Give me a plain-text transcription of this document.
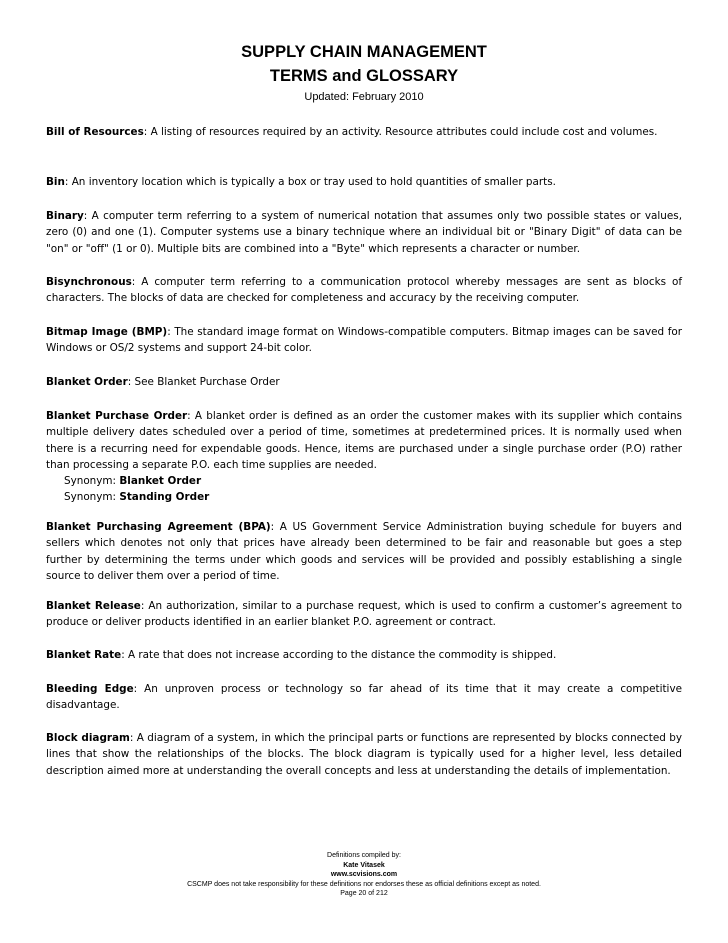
SUPPLY CHAIN MANAGEMENT
TERMS and GLOSSARY
Updated: February 2010
Bill of Resources: A listing of resources required by an activity. Resource attributes could include cost and volumes.
Bin: An inventory location which is typically a box or tray used to hold quantities of smaller parts.
Binary: A computer term referring to a system of numerical notation that assumes only two possible states or values, zero (0) and one (1). Computer systems use a binary technique where an individual bit or "Binary Digit" of data can be "on" or "off" (1 or 0). Multiple bits are combined into a "Byte" which represents a character or number.
Bisynchronous: A computer term referring to a communication protocol whereby messages are sent as blocks of characters. The blocks of data are checked for completeness and accuracy by the receiving computer.
Bitmap Image (BMP): The standard image format on Windows-compatible computers. Bitmap images can be saved for Windows or OS/2 systems and support 24-bit color.
Blanket Order: See Blanket Purchase Order
Blanket Purchase Order: A blanket order is defined as an order the customer makes with its supplier which contains multiple delivery dates scheduled over a period of time, sometimes at predetermined prices. It is normally used when there is a recurring need for expendable goods. Hence, items are purchased under a single purchase order (P.O) rather than processing a separate P.O. each time supplies are needed.
Synonym: Blanket Order
Synonym: Standing Order
Blanket Purchasing Agreement (BPA): A US Government Service Administration buying schedule for buyers and sellers which denotes not only that prices have already been determined to be fair and reasonable but goes a step further by determining the terms under which goods and services will be provided and possibly establishing a single source to deliver them over a period of time.
Blanket Release: An authorization, similar to a purchase request, which is used to confirm a customer’s agreement to produce or deliver products identified in an earlier blanket P.O. agreement or contract.
Blanket Rate: A rate that does not increase according to the distance the commodity is shipped.
Bleeding Edge: An unproven process or technology so far ahead of its time that it may create a competitive disadvantage.
Block diagram: A diagram of a system, in which the principal parts or functions are represented by blocks connected by lines that show the relationships of the blocks. The block diagram is typically used for a higher level, less detailed description aimed more at understanding the overall concepts and less at understanding the details of implementation.
Definitions compiled by:
Kate Vitasek
www.scvisions.com
CSCMP does not take responsibility for these definitions nor endorses these as official definitions except as noted.
Page 20 of 212
